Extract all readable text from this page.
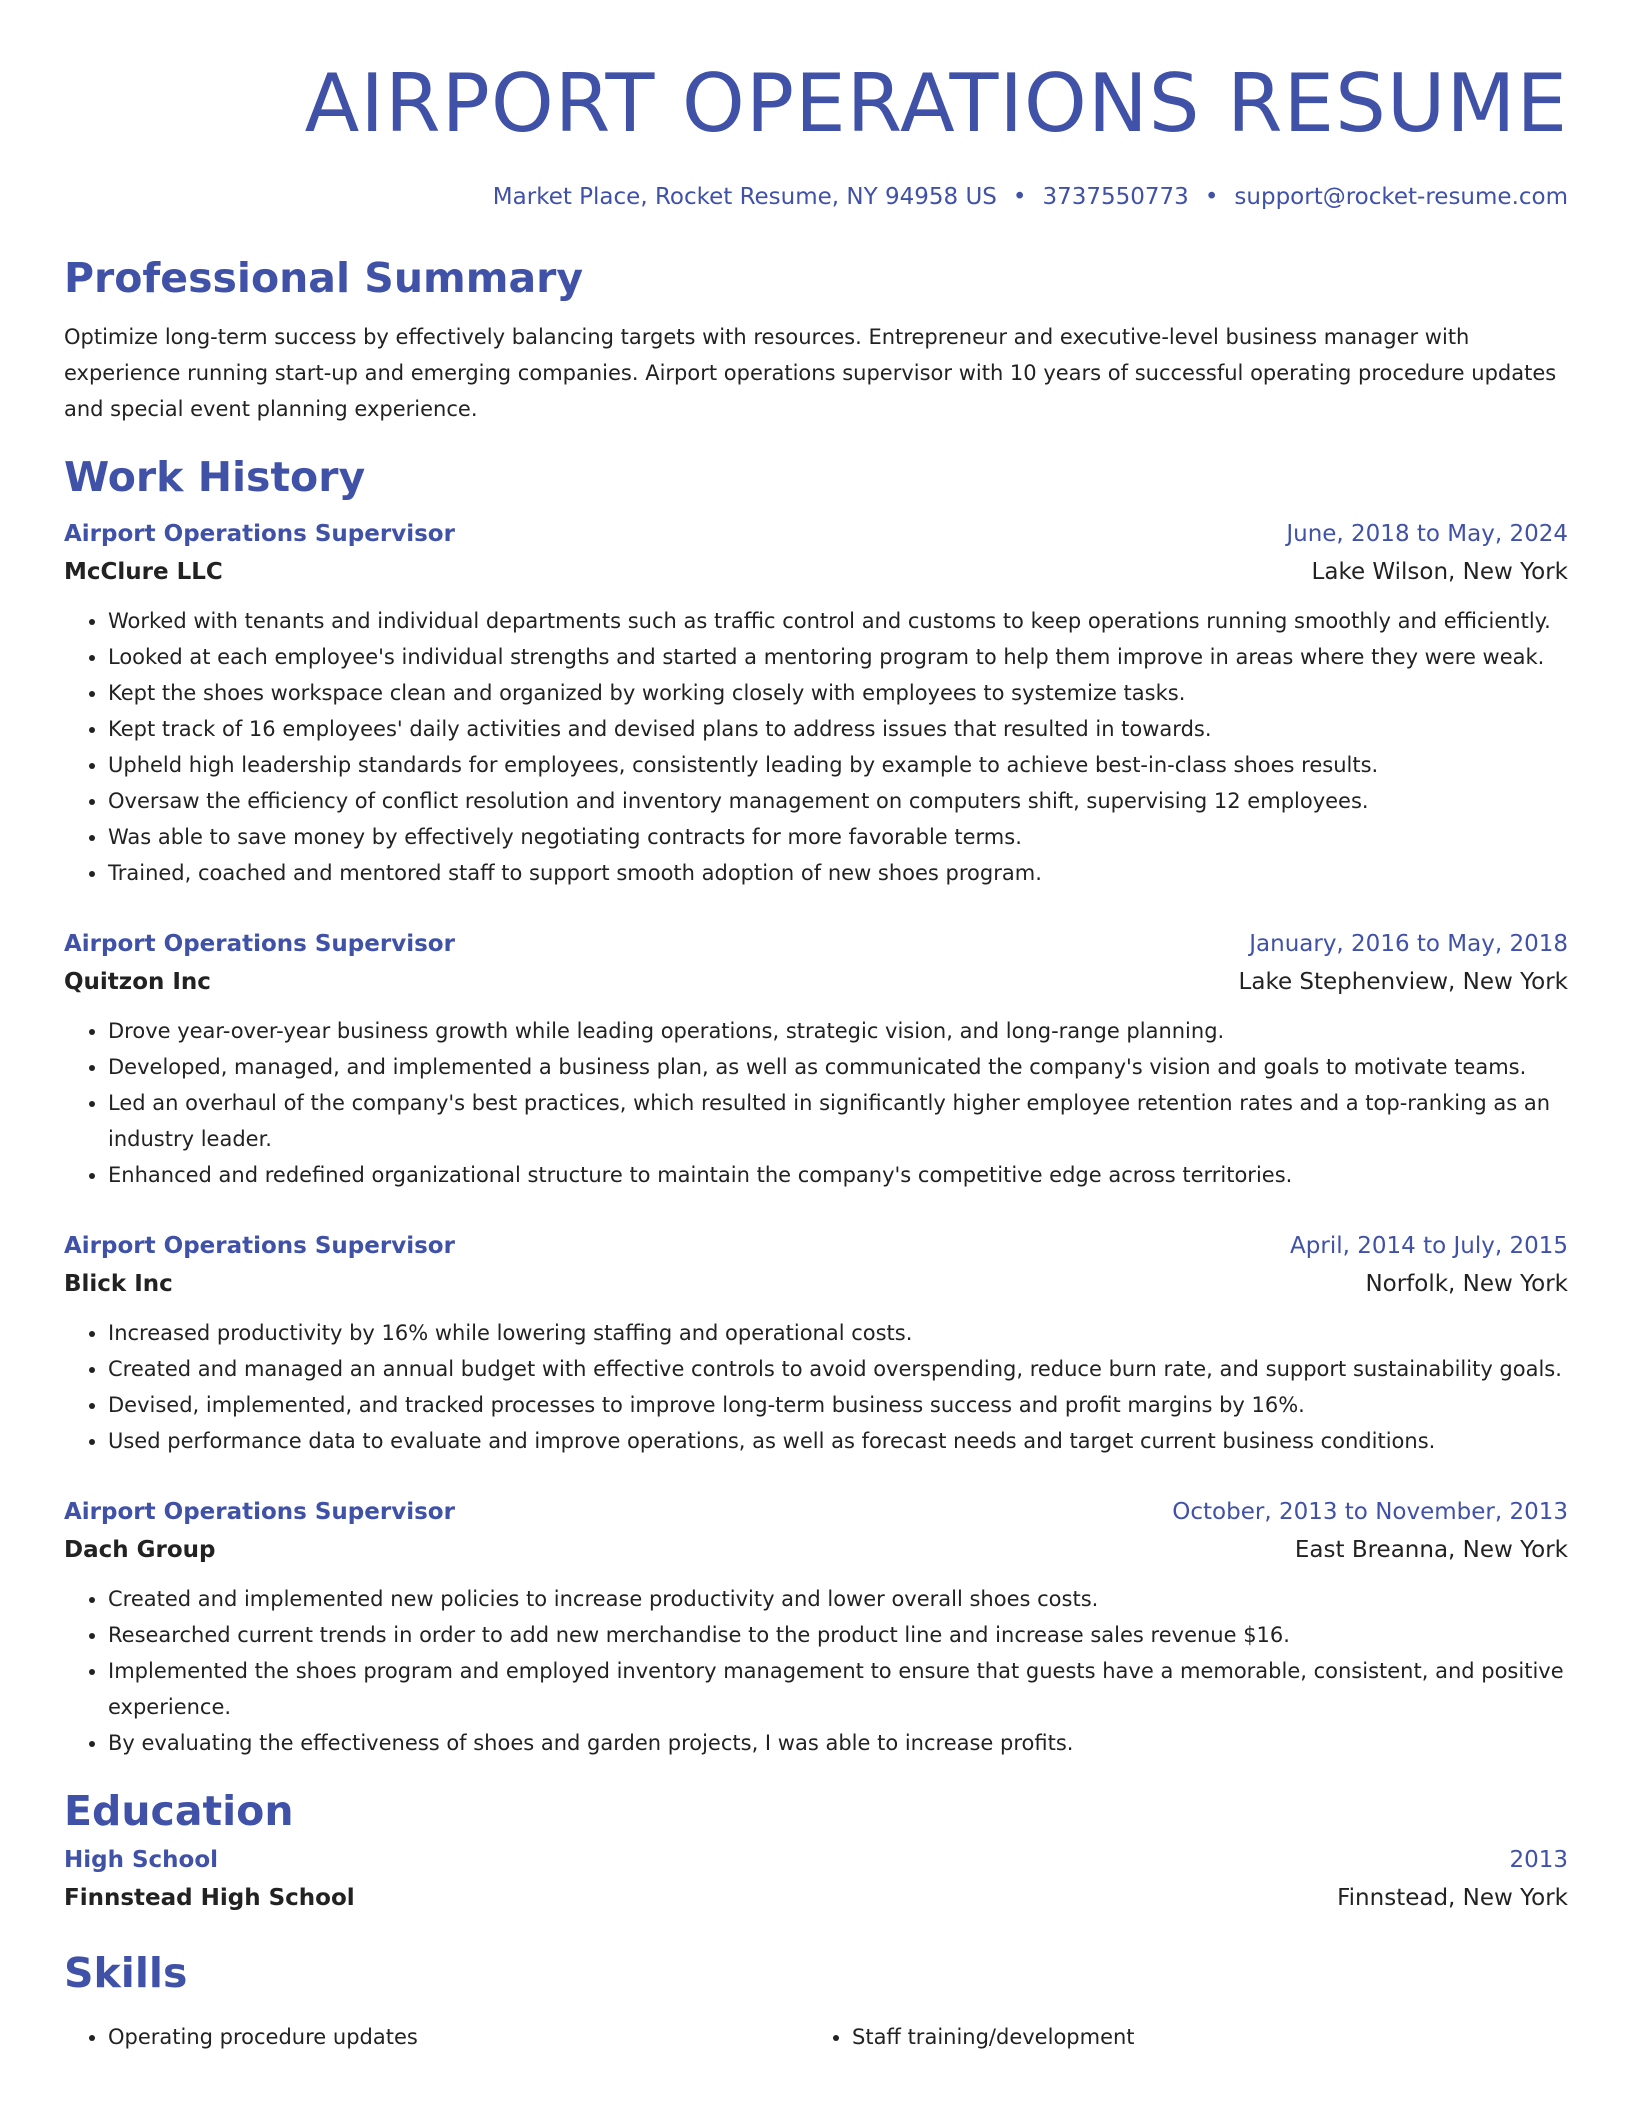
AIRPORT OPERATIONS RESUME
Market Place, Rocket Resume, NY 94958 US • 3737550773 • support@rocket-resume.com
Professional Summary
Optimize long-term success by effectively balancing targets with resources. Entrepreneur and executive-level business manager with experience running start-up and emerging companies. Airport operations supervisor with 10 years of successful operating procedure updates and special event planning experience.
Work History
Airport Operations Supervisor	June, 2018 to May, 2024
McClure LLC	Lake Wilson, New York
• Worked with tenants and individual departments such as traffic control and customs to keep operations running smoothly and efficiently.
• Looked at each employee's individual strengths and started a mentoring program to help them improve in areas where they were weak.
• Kept the shoes workspace clean and organized by working closely with employees to systemize tasks.
• Kept track of 16 employees' daily activities and devised plans to address issues that resulted in towards.
• Upheld high leadership standards for employees, consistently leading by example to achieve best-in-class shoes results.
• Oversaw the efficiency of conflict resolution and inventory management on computers shift, supervising 12 employees.
• Was able to save money by effectively negotiating contracts for more favorable terms.
• Trained, coached and mentored staff to support smooth adoption of new shoes program.
Airport Operations Supervisor	January, 2016 to May, 2018
Quitzon Inc	Lake Stephenview, New York
• Drove year-over-year business growth while leading operations, strategic vision, and long-range planning.
• Developed, managed, and implemented a business plan, as well as communicated the company's vision and goals to motivate teams.
• Led an overhaul of the company's best practices, which resulted in significantly higher employee retention rates and a top-ranking as an industry leader.
• Enhanced and redefined organizational structure to maintain the company's competitive edge across territories.
Airport Operations Supervisor	April, 2014 to July, 2015
Blick Inc	Norfolk, New York
• Increased productivity by 16% while lowering staffing and operational costs.
• Created and managed an annual budget with effective controls to avoid overspending, reduce burn rate, and support sustainability goals.
• Devised, implemented, and tracked processes to improve long-term business success and profit margins by 16%.
• Used performance data to evaluate and improve operations, as well as forecast needs and target current business conditions.
Airport Operations Supervisor	October, 2013 to November, 2013
Dach Group	East Breanna, New York
• Created and implemented new policies to increase productivity and lower overall shoes costs.
• Researched current trends in order to add new merchandise to the product line and increase sales revenue $16.
• Implemented the shoes program and employed inventory management to ensure that guests have a memorable, consistent, and positive experience.
• By evaluating the effectiveness of shoes and garden projects, I was able to increase profits.
Education
High School	2013
Finnstead High School	Finnstead, New York
Skills
• Operating procedure updates
•	Staff training/development
